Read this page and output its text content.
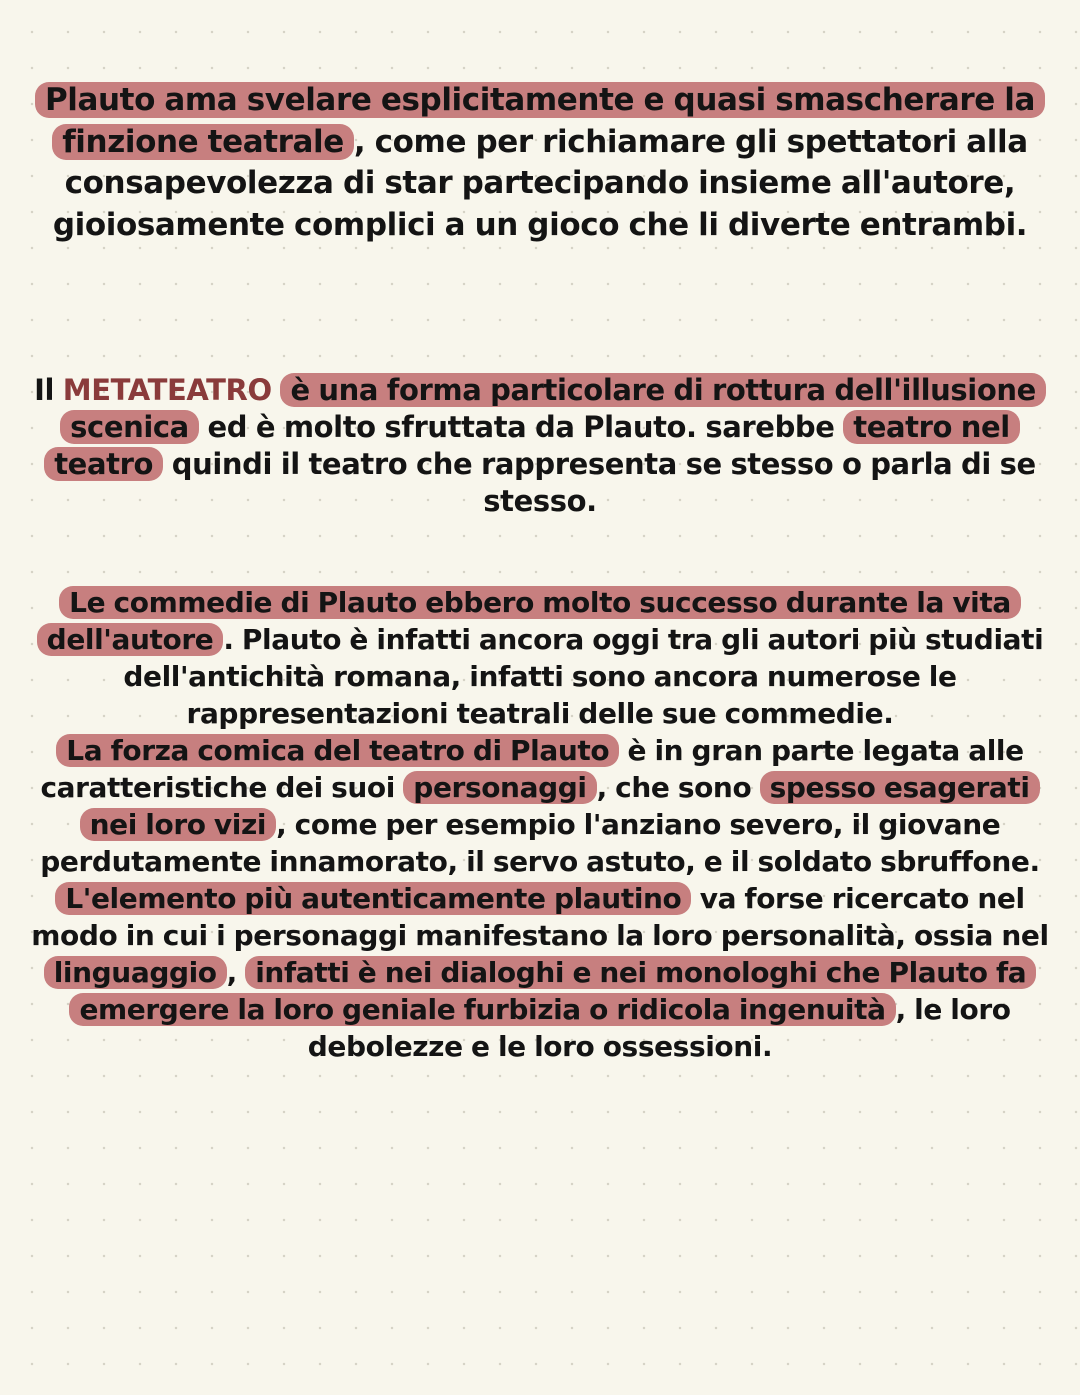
Plauto ama svelare esplicitamente e quasi smascherare la finzione teatrale , come per richiamare gli spettatori alla consapevolezza di star partecipando insieme all'autore, gioiosamente complici a un gioco che li diverte entrambi.
Il METATEATRO è una forma particolare di rottura dell'illusione scenica ed è molto sfruttata da Plauto. sarebbe teatro nel teatro quindi il teatro che rappresenta se stesso o parla di se stesso.
Le commedie di Plauto ebbero molto successo durante la vita dell'autore . Plauto è infatti ancora oggi tra gli autori più studiati dell'antichità romana, infatti sono ancora numerose le rappresentazioni teatrali delle sue commedie.
La forza comica del teatro di Plauto è in gran parte legata alle caratteristiche dei suoi personaggi , che sono spesso esagerati nei loro vizi , come per esempio l'anziano severo, il giovane perdutamente innamorato, il servo astuto, e il soldato sbruffone.
L'elemento più autenticamente plautino va forse ricercato nel modo in cui i personaggi manifestano la loro personalità, ossia nel linguaggio , infatti è nei dialoghi e nei monologhi che Plauto fa emergere la loro geniale furbizia o ridicola ingenuità , le loro debolezze e le loro ossessioni.
